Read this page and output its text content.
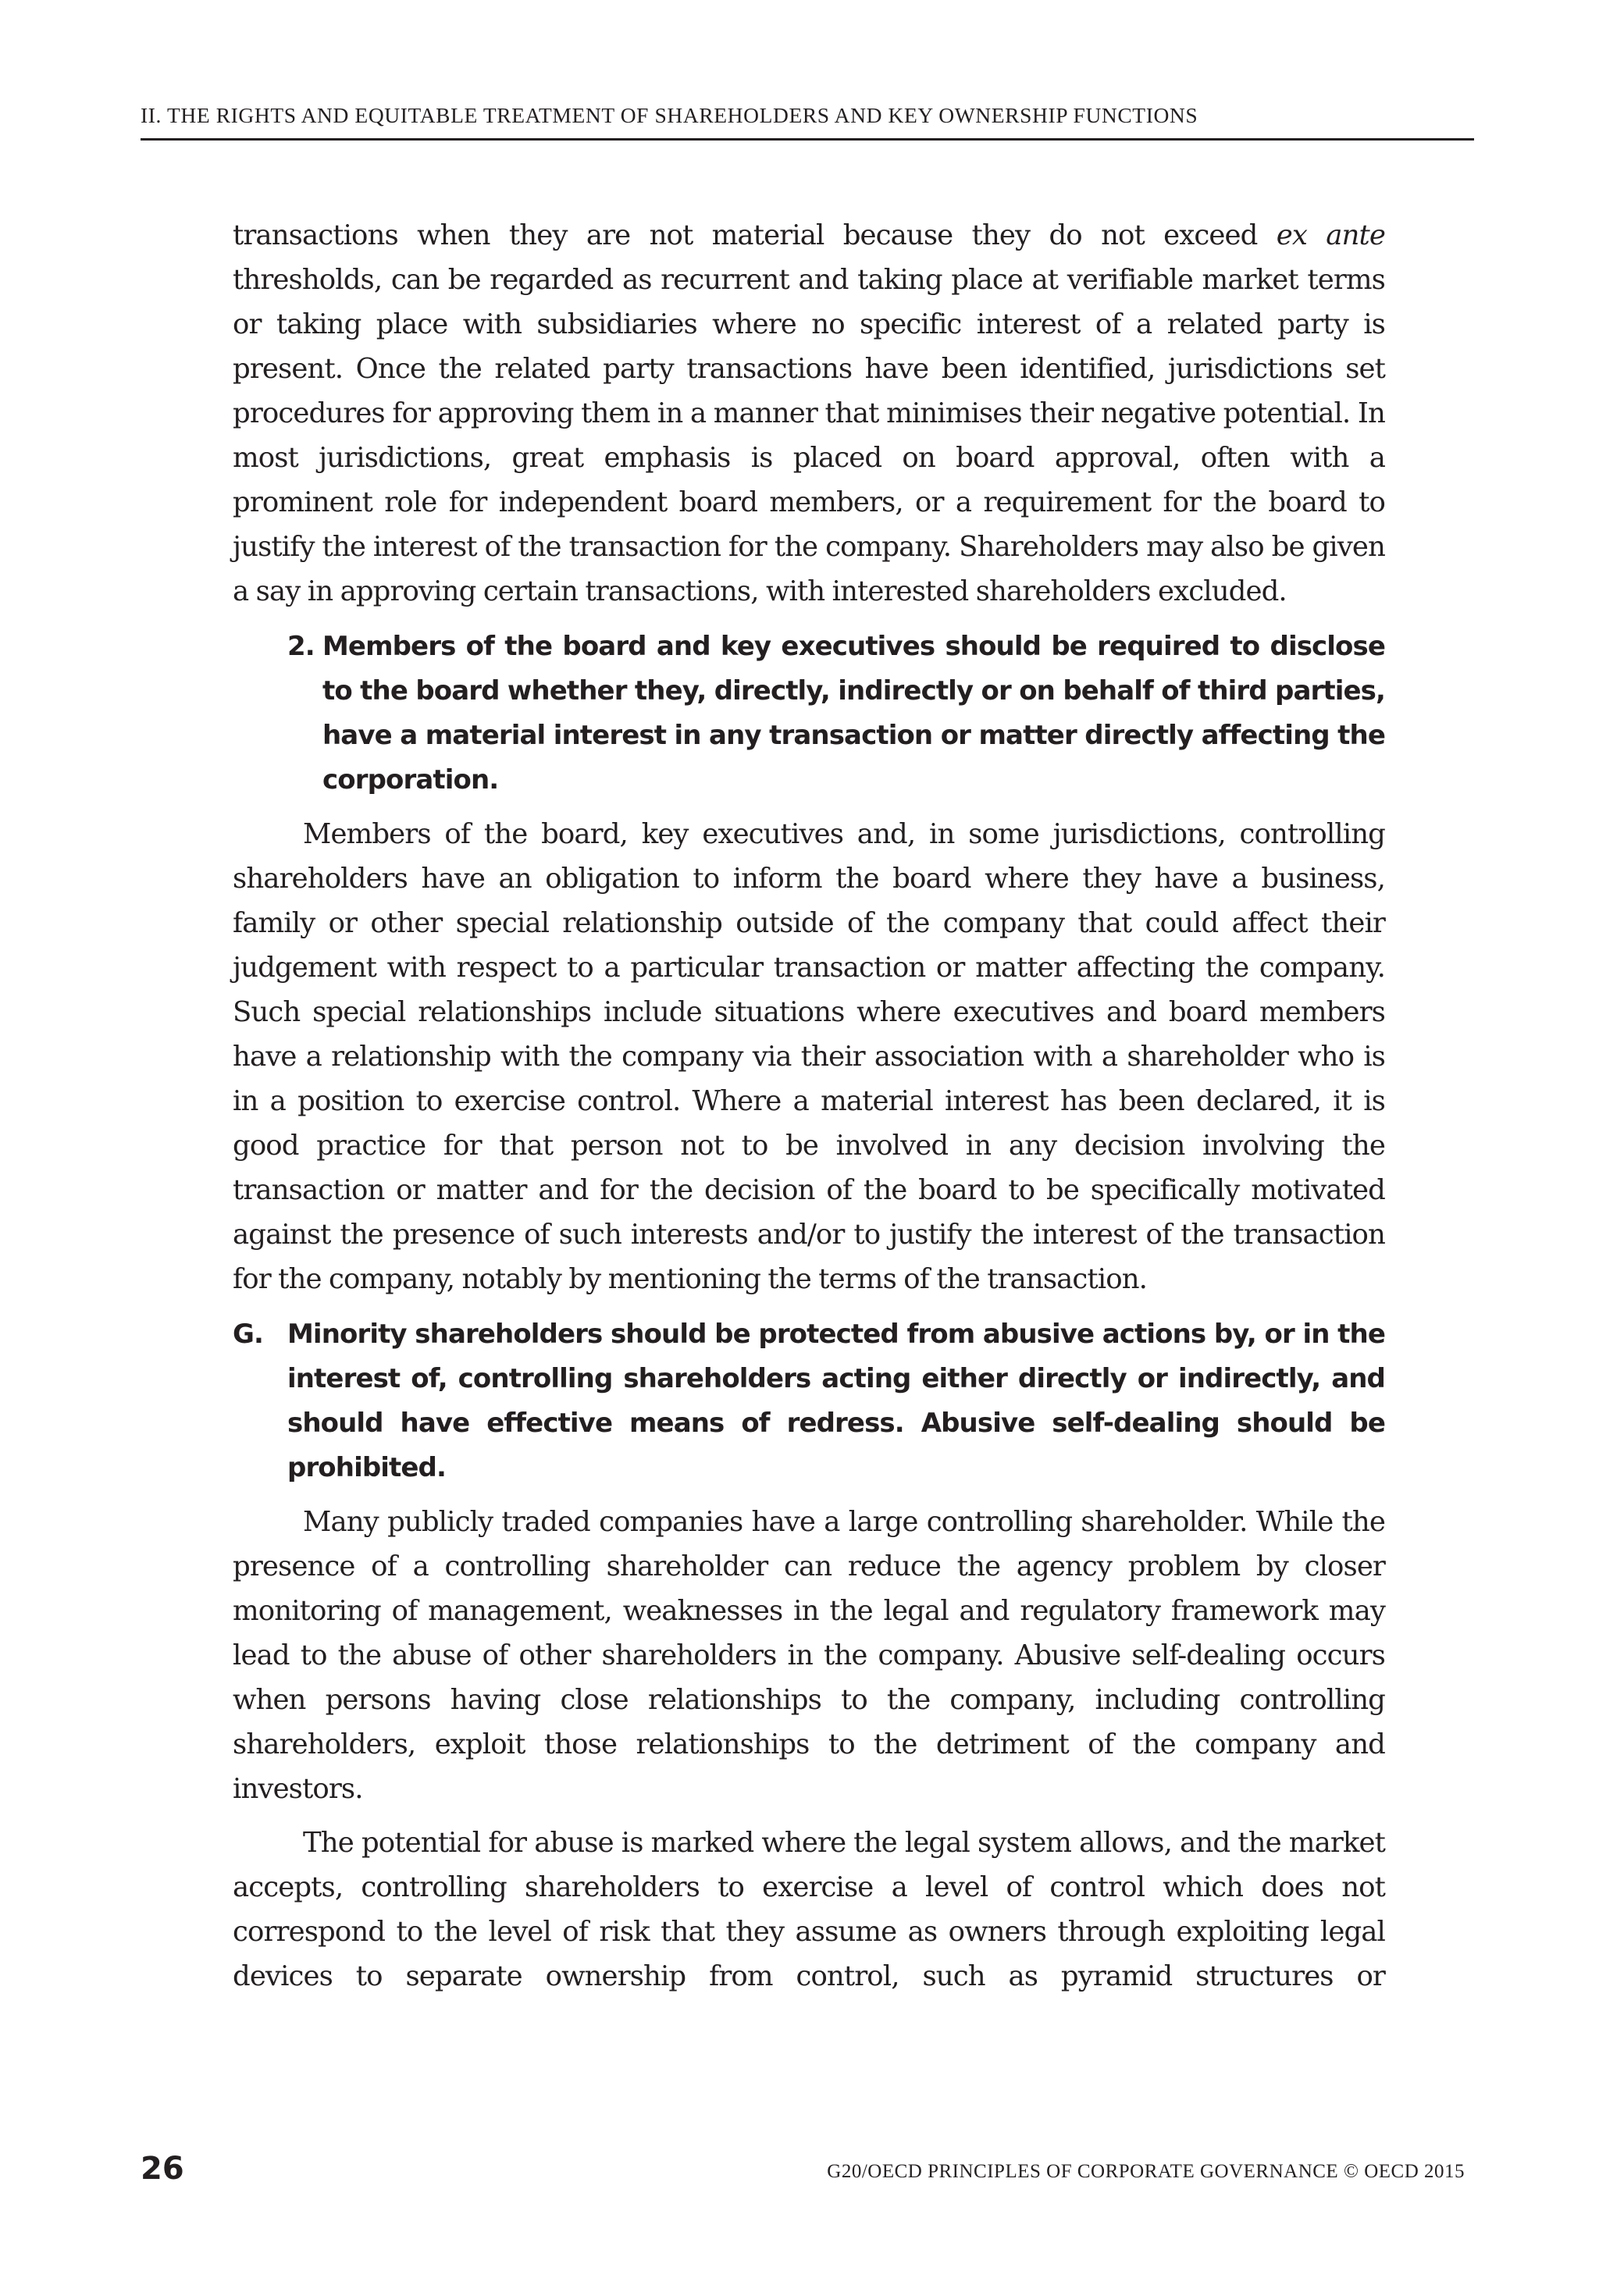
II. THE RIGHTS AND EQUITABLE TREATMENT OF SHAREHOLDERS AND KEY OWNERSHIP FUNCTIONS

transactions when they are not material because they do not exceed ex ante thresholds, can be regarded as recurrent and taking place at verifiable market terms or taking place with subsidiaries where no specific interest of a related party is present. Once the related party transactions have been identified, jurisdictions set procedures for approving them in a manner that minimises their negative potential. In most jurisdictions, great emphasis is placed on board approval, often with a prominent role for independent board members, or a requirement for the board to justify the interest of the transaction for the company. Shareholders may also be given a say in approving certain transactions, with interested shareholders excluded.

2. Members of the board and key executives should be required to disclose to the board whether they, directly, indirectly or on behalf of third parties, have a material interest in any transaction or matter directly affecting the corporation.

Members of the board, key executives and, in some jurisdictions, controlling shareholders have an obligation to inform the board where they have a business, family or other special relationship outside of the company that could affect their judgement with respect to a particular transaction or matter affecting the company. Such special relationships include situations where executives and board members have a relationship with the company via their association with a shareholder who is in a position to exercise control. Where a material interest has been declared, it is good practice for that person not to be involved in any decision involving the transaction or matter and for the decision of the board to be specifically motivated against the presence of such interests and/or to justify the interest of the transaction for the company, notably by mentioning the terms of the transaction.

G. Minority shareholders should be protected from abusive actions by, or in the interest of, controlling shareholders acting either directly or indirectly, and should have effective means of redress. Abusive self-dealing should be prohibited.

Many publicly traded companies have a large controlling shareholder. While the presence of a controlling shareholder can reduce the agency problem by closer monitoring of management, weaknesses in the legal and regulatory framework may lead to the abuse of other shareholders in the company. Abusive self-dealing occurs when persons having close relationships to the company, including controlling shareholders, exploit those relationships to the detriment of the company and investors.

The potential for abuse is marked where the legal system allows, and the market accepts, controlling shareholders to exercise a level of control which does not correspond to the level of risk that they assume as owners through exploiting legal devices to separate ownership from control, such as pyramid structures or

26	G20/OECD PRINCIPLES OF CORPORATE GOVERNANCE © OECD 2015
